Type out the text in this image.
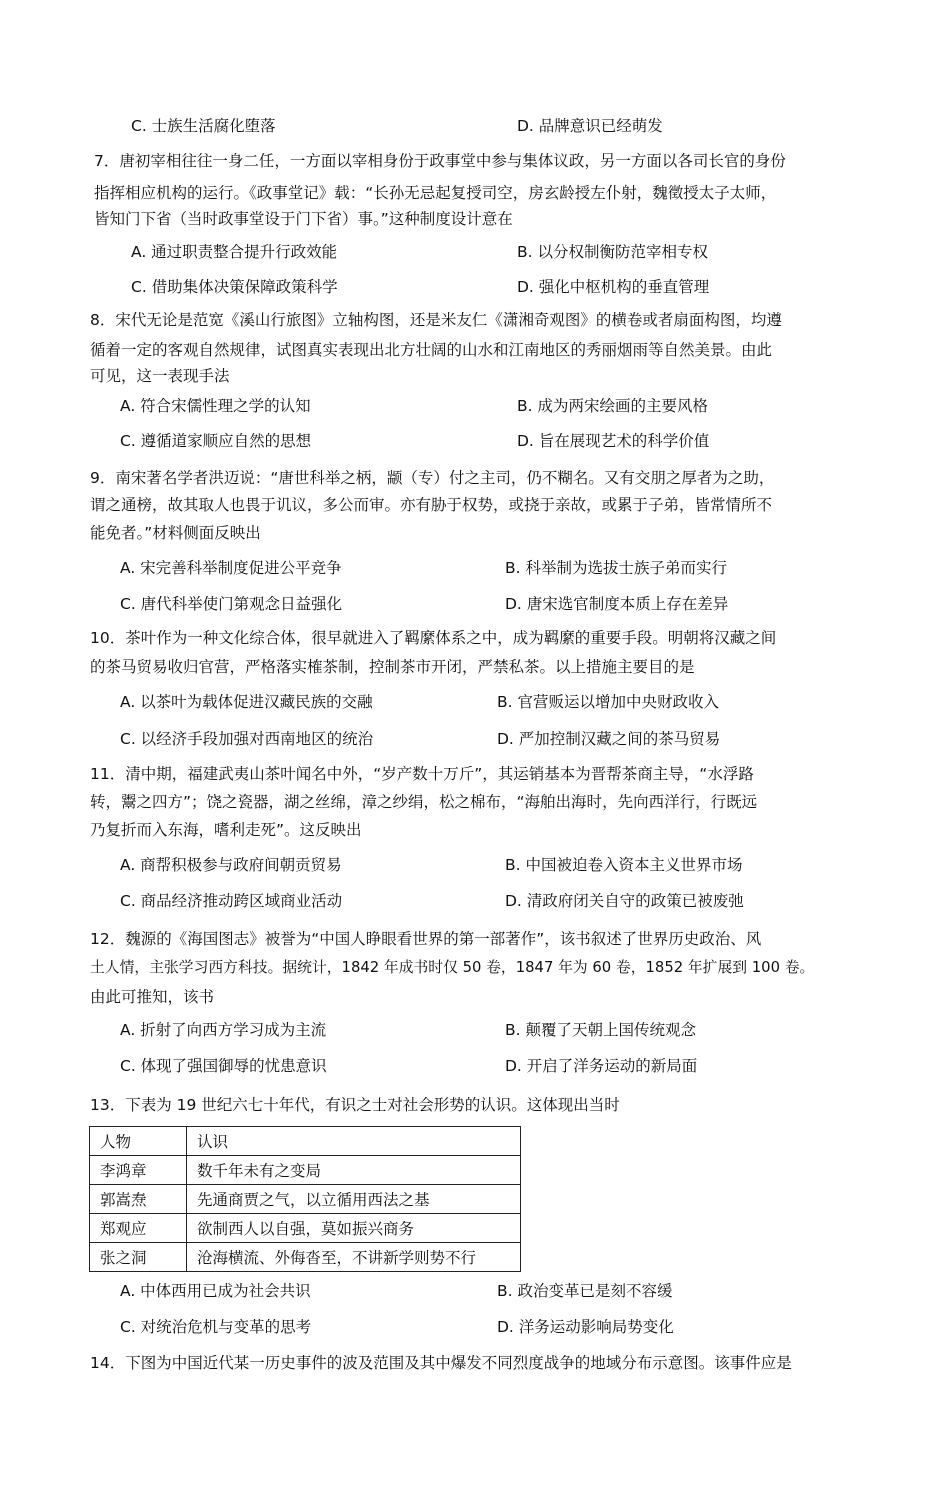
C. 士族生活腐化堕落	D. 品牌意识已经萌发
7．唐初宰相往往一身二任，一方面以宰相身份于政事堂中参与集体议政，另一方面以各司长官的身份
指挥相应机构的运行。《政事堂记》载：“长孙无忌起复授司空，房玄龄授左仆射，魏徵授太子太师，
皆知门下省（当时政事堂设于门下省）事。”这种制度设计意在
A. 通过职责整合提升行政效能	B. 以分权制衡防范宰相专权
C. 借助集体决策保障政策科学	D. 强化中枢机构的垂直管理
8．宋代无论是范宽《溪山行旅图》立轴构图，还是米友仁《潇湘奇观图》的横卷或者扇面构图，均遵
循着一定的客观自然规律，试图真实表现出北方壮阔的山水和江南地区的秀丽烟雨等自然美景。由此
可见，这一表现手法
A. 符合宋儒性理之学的认知	B. 成为两宋绘画的主要风格
C. 遵循道家顺应自然的思想	D. 旨在展现艺术的科学价值
9．南宋著名学者洪迈说：“唐世科举之柄，颛（专）付之主司，仍不糊名。又有交朋之厚者为之助，
谓之通榜，故其取人也畏于讥议，多公而审。亦有胁于权势，或挠于亲故，或累于子弟，皆常情所不
能免者。”材料侧面反映出
A. 宋完善科举制度促进公平竞争	B. 科举制为选拔士族子弟而实行
C. 唐代科举使门第观念日益强化	D. 唐宋选官制度本质上存在差异
10．茶叶作为一种文化综合体，很早就进入了羁縻体系之中，成为羁縻的重要手段。明朝将汉藏之间
的茶马贸易收归官营，严格落实榷茶制，控制茶市开闭，严禁私茶。以上措施主要目的是
A. 以茶叶为载体促进汉藏民族的交融	B. 官营贩运以增加中央财政收入
C. 以经济手段加强对西南地区的统治	D. 严加控制汉藏之间的茶马贸易
11．清中期，福建武夷山茶叶闻名中外，“岁产数十万斤”，其运销基本为晋帮茶商主导，“水浮路
转，鬻之四方”；饶之瓷器，湖之丝绵，漳之纱绢，松之棉布，“海舶出海时，先向西洋行，行既远
乃复折而入东海，嗜利走死”。这反映出
A. 商帮积极参与政府间朝贡贸易	B. 中国被迫卷入资本主义世界市场
C. 商品经济推动跨区域商业活动	D. 清政府闭关自守的政策已被废弛
12．魏源的《海国图志》被誉为“中国人睁眼看世界的第一部著作”，该书叙述了世界历史政治、风
土人情，主张学习西方科技。据统计，1842 年成书时仅 50 卷，1847 年为 60 卷，1852 年扩展到 100 卷。
由此可推知，该书
A. 折射了向西方学习成为主流	B. 颠覆了天朝上国传统观念
C. 体现了强国御辱的忧患意识	D. 开启了洋务运动的新局面
13．下表为 19 世纪六七十年代，有识之士对社会形势的认识。这体现出当时
人物	认识
李鸿章	数千年未有之变局
郭嵩焘	先通商贾之气，以立循用西法之基
郑观应	欲制西人以自强，莫如振兴商务
张之洞	沧海横流、外侮沓至，不讲新学则势不行
A. 中体西用已成为社会共识	B. 政治变革已是刻不容缓
C. 对统治危机与变革的思考	D. 洋务运动影响局势变化
14．下图为中国近代某一历史事件的波及范围及其中爆发不同烈度战争的地域分布示意图。该事件应是
